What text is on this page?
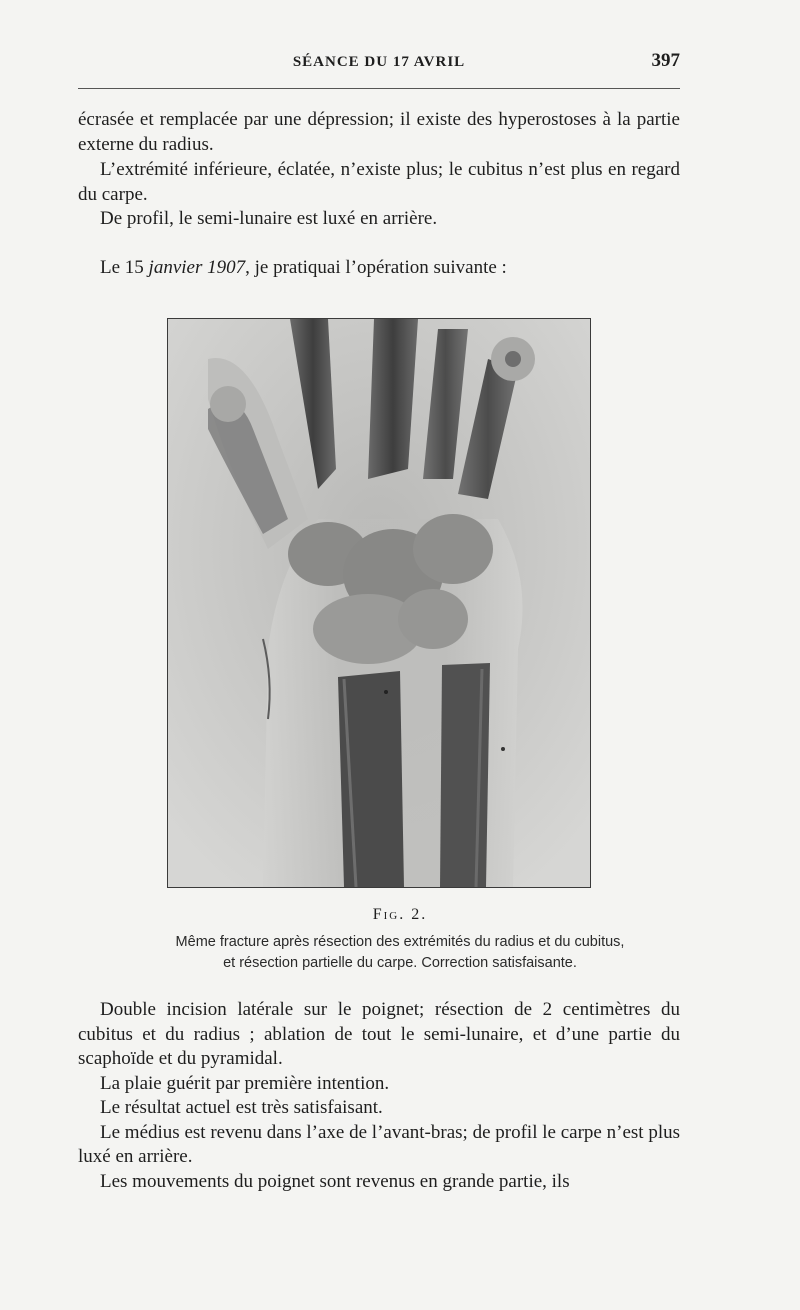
SÉANCE DU 17 AVRIL	397

écrasée et remplacée par une dépression; il existe des hyperostoses à la partie externe du radius.

L’extrémité inférieure, éclatée, n’existe plus; le cubitus n’est plus en regard du carpe.

De profil, le semi-lunaire est luxé en arrière.

Le 15 janvier 1907, je pratiquai l’opération suivante :

Fig. 2.
Même fracture après résection des extrémités du radius et du cubitus,
et résection partielle du carpe. Correction satisfaisante.

Double incision latérale sur le poignet; résection de 2 centimètres du cubitus et du radius ; ablation de tout le semi-lunaire, et d’une partie du scaphoïde et du pyramidal.

La plaie guérit par première intention.

Le résultat actuel est très satisfaisant.

Le médius est revenu dans l’axe de l’avant-bras; de profil le carpe n’est plus luxé en arrière.

Les mouvements du poignet sont revenus en grande partie, ils
